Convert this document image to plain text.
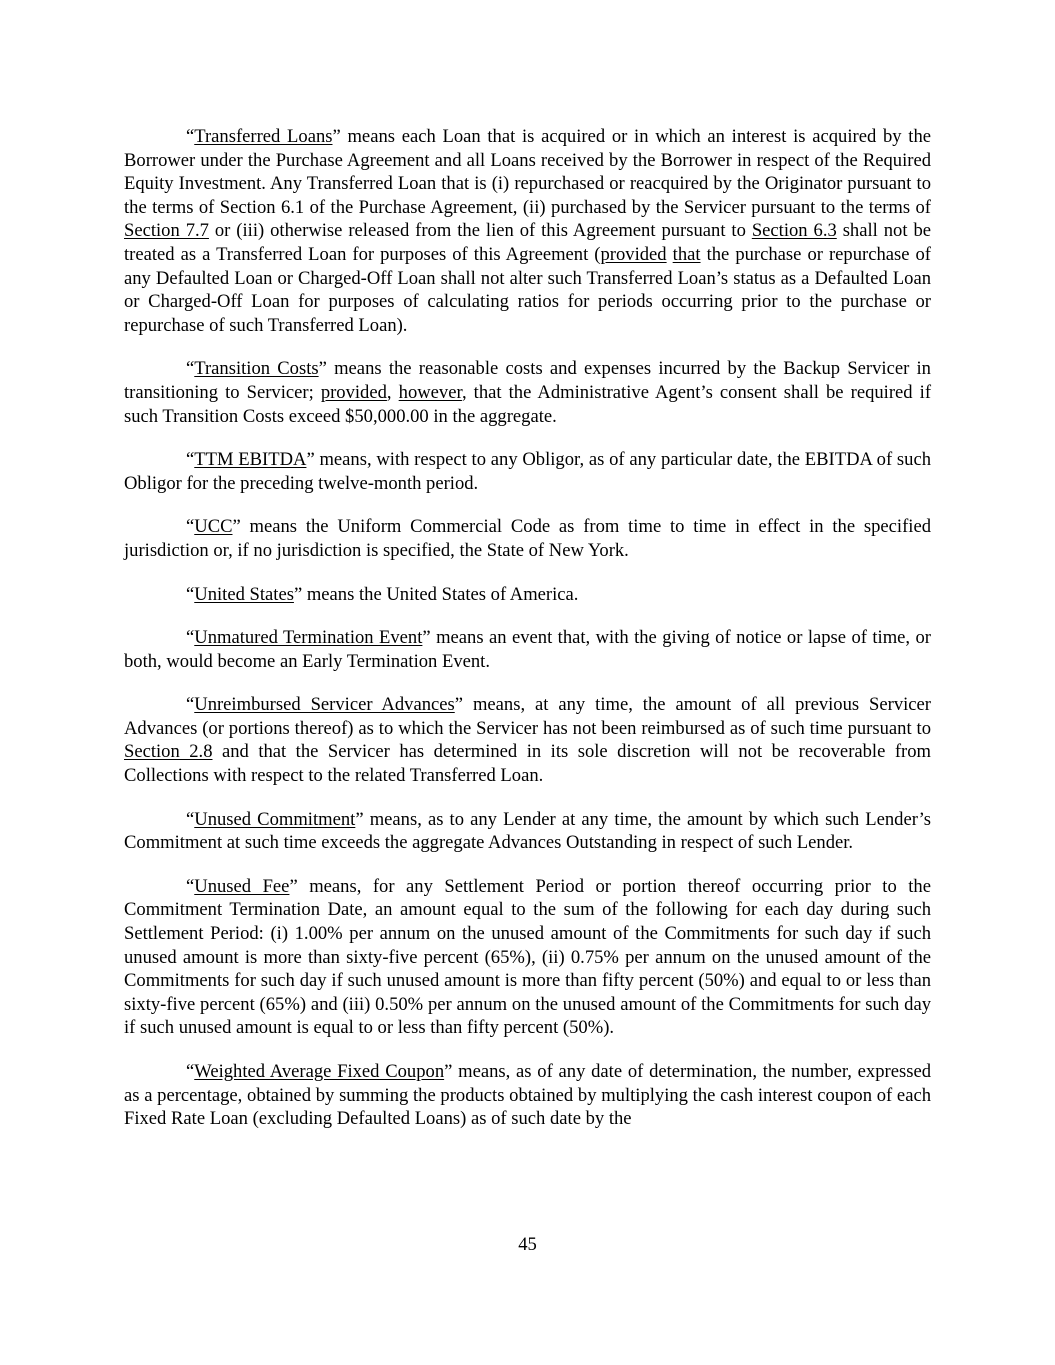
“Transferred Loans” means each Loan that is acquired or in which an interest is acquired by the Borrower under the Purchase Agreement and all Loans received by the Borrower in respect of the Required Equity Investment. Any Transferred Loan that is (i) repurchased or reacquired by the Originator pursuant to the terms of Section 6.1 of the Purchase Agreement, (ii) purchased by the Servicer pursuant to the terms of Section 7.7 or (iii) otherwise released from the lien of this Agreement pursuant to Section 6.3 shall not be treated as a Transferred Loan for purposes of this Agreement (provided that the purchase or repurchase of any Defaulted Loan or Charged-Off Loan shall not alter such Transferred Loan’s status as a Defaulted Loan or Charged-Off Loan for purposes of calculating ratios for periods occurring prior to the purchase or repurchase of such Transferred Loan).

“Transition Costs” means the reasonable costs and expenses incurred by the Backup Servicer in transitioning to Servicer; provided, however, that the Administrative Agent’s consent shall be required if such Transition Costs exceed $50,000.00 in the aggregate.

“TTM EBITDA” means, with respect to any Obligor, as of any particular date, the EBITDA of such Obligor for the preceding twelve-month period.

“UCC” means the Uniform Commercial Code as from time to time in effect in the specified jurisdiction or, if no jurisdiction is specified, the State of New York.

“United States” means the United States of America.

“Unmatured Termination Event” means an event that, with the giving of notice or lapse of time, or both, would become an Early Termination Event.

“Unreimbursed Servicer Advances” means, at any time, the amount of all previous Servicer Advances (or portions thereof) as to which the Servicer has not been reimbursed as of such time pursuant to Section 2.8 and that the Servicer has determined in its sole discretion will not be recoverable from Collections with respect to the related Transferred Loan.

“Unused Commitment” means, as to any Lender at any time, the amount by which such Lender’s Commitment at such time exceeds the aggregate Advances Outstanding in respect of such Lender.

“Unused Fee” means, for any Settlement Period or portion thereof occurring prior to the Commitment Termination Date, an amount equal to the sum of the following for each day during such Settlement Period: (i) 1.00% per annum on the unused amount of the Commitments for such day if such unused amount is more than sixty-five percent (65%), (ii) 0.75% per annum on the unused amount of the Commitments for such day if such unused amount is more than fifty percent (50%) and equal to or less than sixty-five percent (65%) and (iii) 0.50% per annum on the unused amount of the Commitments for such day if such unused amount is equal to or less than fifty percent (50%).

“Weighted Average Fixed Coupon” means, as of any date of determination, the number, expressed as a percentage, obtained by summing the products obtained by multiplying the cash interest coupon of each Fixed Rate Loan (excluding Defaulted Loans) as of such date by the

45
